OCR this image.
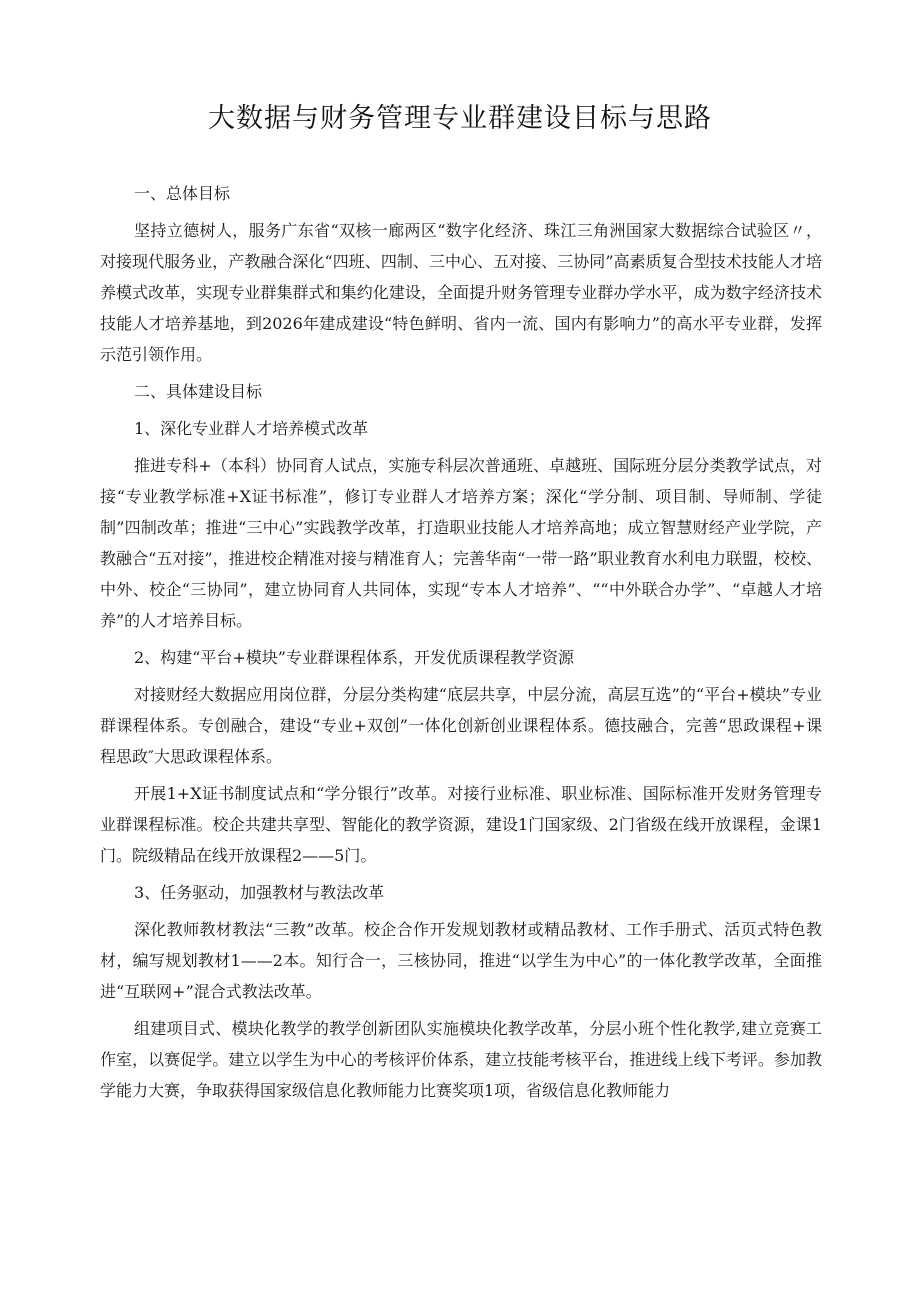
大数据与财务管理专业群建设目标与思路
一、总体目标
坚持立德树人，服务广东省“双核一廊两区“数字化经济、珠江三角洲国家大数据综合试验区〃，对接现代服务业，产教融合深化“四班、四制、三中心、五对接、三协同”高素质复合型技术技能人才培养模式改革，实现专业群集群式和集约化建设，全面提升财务管理专业群办学水平，成为数字经济技术技能人才培养基地，到2026年建成建设“特色鲜明、省内一流、国内有影响力”的高水平专业群，发挥示范引领作用。
二、具体建设目标
1、深化专业群人才培养模式改革
推进专科+（本科）协同育人试点，实施专科层次普通班、卓越班、国际班分层分类教学试点，对接“专业教学标准+X证书标准”，修订专业群人才培养方案；深化“学分制、项目制、导师制、学徒制”四制改革；推进“三中心”实践教学改革，打造职业技能人才培养高地；成立智慧财经产业学院，产教融合“五对接”，推进校企精准对接与精准育人；完善华南“一带一路”职业教育水利电力联盟，校校、中外、校企“三协同”，建立协同育人共同体，实现“专本人才培养”、““中外联合办学”、“卓越人才培养”的人才培养目标。
2、构建“平台+模块”专业群课程体系，开发优质课程教学资源
对接财经大数据应用岗位群，分层分类构建“底层共享，中层分流，高层互选”的“平台+模块”专业群课程体系。专创融合，建设“专业+双创”一体化创新创业课程体系。德技融合，完善“思政课程+课程思政″大思政课程体系。
开展1+X证书制度试点和“学分银行”改革。对接行业标准、职业标准、国际标准开发财务管理专业群课程标准。校企共建共享型、智能化的教学资源，建设1门国家级、2门省级在线开放课程，金课1门。院级精品在线开放课程2——5门。
3、任务驱动，加强教材与教法改革
深化教师教材教法“三教”改革。校企合作开发规划教材或精品教材、工作手册式、活页式特色教材，编写规划教材1——2本。知行合一，三核协同，推进“以学生为中心”的一体化教学改革，全面推进“互联网+”混合式教法改革。
组建项目式、模块化教学的教学创新团队实施模块化教学改革，分层小班个性化教学,建立竞赛工作室，以赛促学。建立以学生为中心的考核评价体系，建立技能考核平台，推进线上线下考评。参加教学能力大赛，争取获得国家级信息化教师能力比赛奖项1项，省级信息化教师能力
